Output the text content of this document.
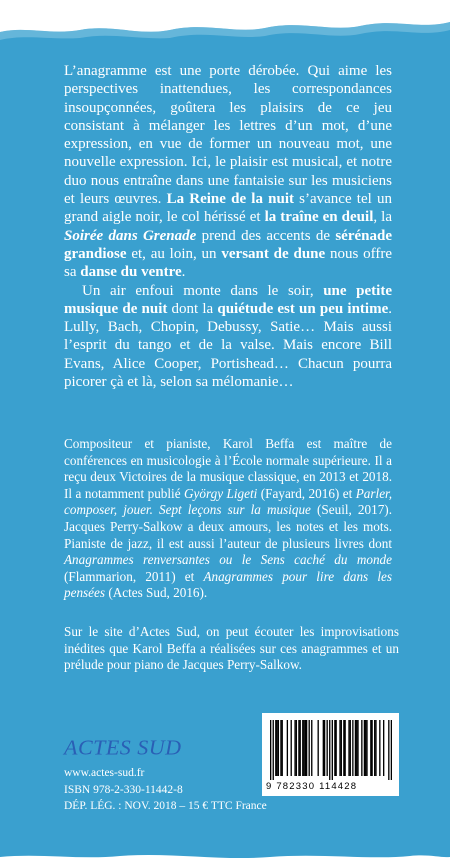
L’anagramme est une porte dérobée. Qui aime les perspectives inattendues, les correspondances insoupçonnées, goûtera les plaisirs de ce jeu consistant à mélanger les lettres d’un mot, d’une expression, en vue de former un nouveau mot, une nouvelle expression. Ici, le plaisir est musical, et notre duo nous entraîne dans une fantaisie sur les musiciens et leurs œuvres. La Reine de la nuit s’avance tel un grand aigle noir, le col hérissé et la traîne en deuil, la Soirée dans Grenade prend des accents de sérénade grandiose et, au loin, un versant de dune nous offre sa danse du ventre.

Un air enfoui monte dans le soir, une petite musique de nuit dont la quiétude est un peu intime. Lully, Bach, Chopin, Debussy, Satie… Mais aussi l’esprit du tango et de la valse. Mais encore Bill Evans, Alice Cooper, Portishead… Chacun pourra picorer çà et là, selon sa mélomanie…

Compositeur et pianiste, Karol Beffa est maître de conférences en musicologie à l’École normale supérieure. Il a reçu deux Victoires de la musique classique, en 2013 et 2018. Il a notamment publié György Ligeti (Fayard, 2016) et Parler, composer, jouer. Sept leçons sur la musique (Seuil, 2017). Jacques Perry-Salkow a deux amours, les notes et les mots. Pianiste de jazz, il est aussi l’auteur de plusieurs livres dont Anagrammes renversantes ou le Sens caché du monde (Flammarion, 2011) et Anagrammes pour lire dans les pensées (Actes Sud, 2016).

Sur le site d’Actes Sud, on peut écouter les improvisations inédites que Karol Beffa a réalisées sur ces anagrammes et un prélude pour piano de Jacques Perry-Salkow.

ACTES SUD

www.actes-sud.fr

ISBN 978-2-330-11442-8

DÉP. LÉG. : NOV. 2018 – 15 € TTC France

9 782330 114428
